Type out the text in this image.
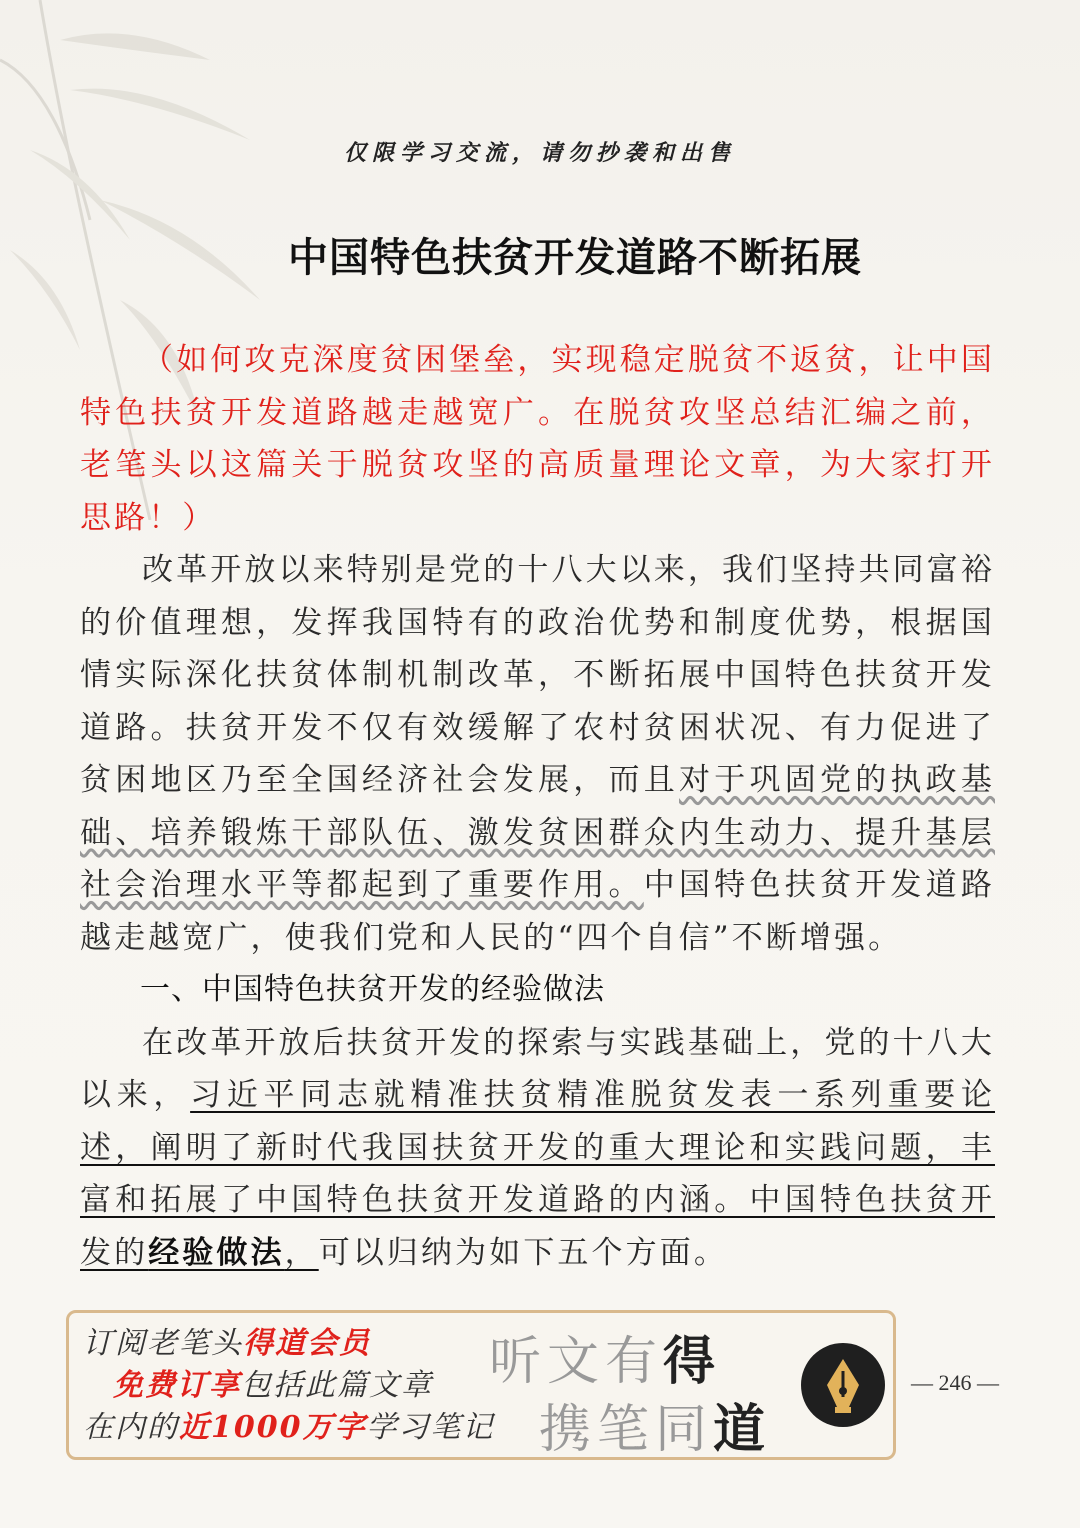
仅限学习交流，请勿抄袭和出售
中国特色扶贫开发道路不断拓展

（如何攻克深度贫困堡垒，实现稳定脱贫不返贫，让中国特色扶贫开发道路越走越宽广。在脱贫攻坚总结汇编之前，老笔头以这篇关于脱贫攻坚的高质量理论文章，为大家打开思路！）

改革开放以来特别是党的十八大以来，我们坚持共同富裕的价值理想，发挥我国特有的政治优势和制度优势，根据国情实际深化扶贫体制机制改革，不断拓展中国特色扶贫开发道路。扶贫开发不仅有效缓解了农村贫困状况、有力促进了贫困地区乃至全国经济社会发展，而且对于巩固党的执政基础、培养锻炼干部队伍、激发贫困群众内生动力、提升基层社会治理水平等都起到了重要作用。中国特色扶贫开发道路越走越宽广，使我们党和人民的“四个自信”不断增强。

一、中国特色扶贫开发的经验做法

在改革开放后扶贫开发的探索与实践基础上，党的十八大以来，习近平同志就精准扶贫精准脱贫发表一系列重要论述，阐明了新时代我国扶贫开发的重大理论和实践问题，丰富和拓展了中国特色扶贫开发道路的内涵。中国特色扶贫开发的经验做法，可以归纳为如下五个方面。

订阅老笔头得道会员
免费订享包括此篇文章
在内的近1000万字学习笔记
听文有得
携笔同道
— 246 —
